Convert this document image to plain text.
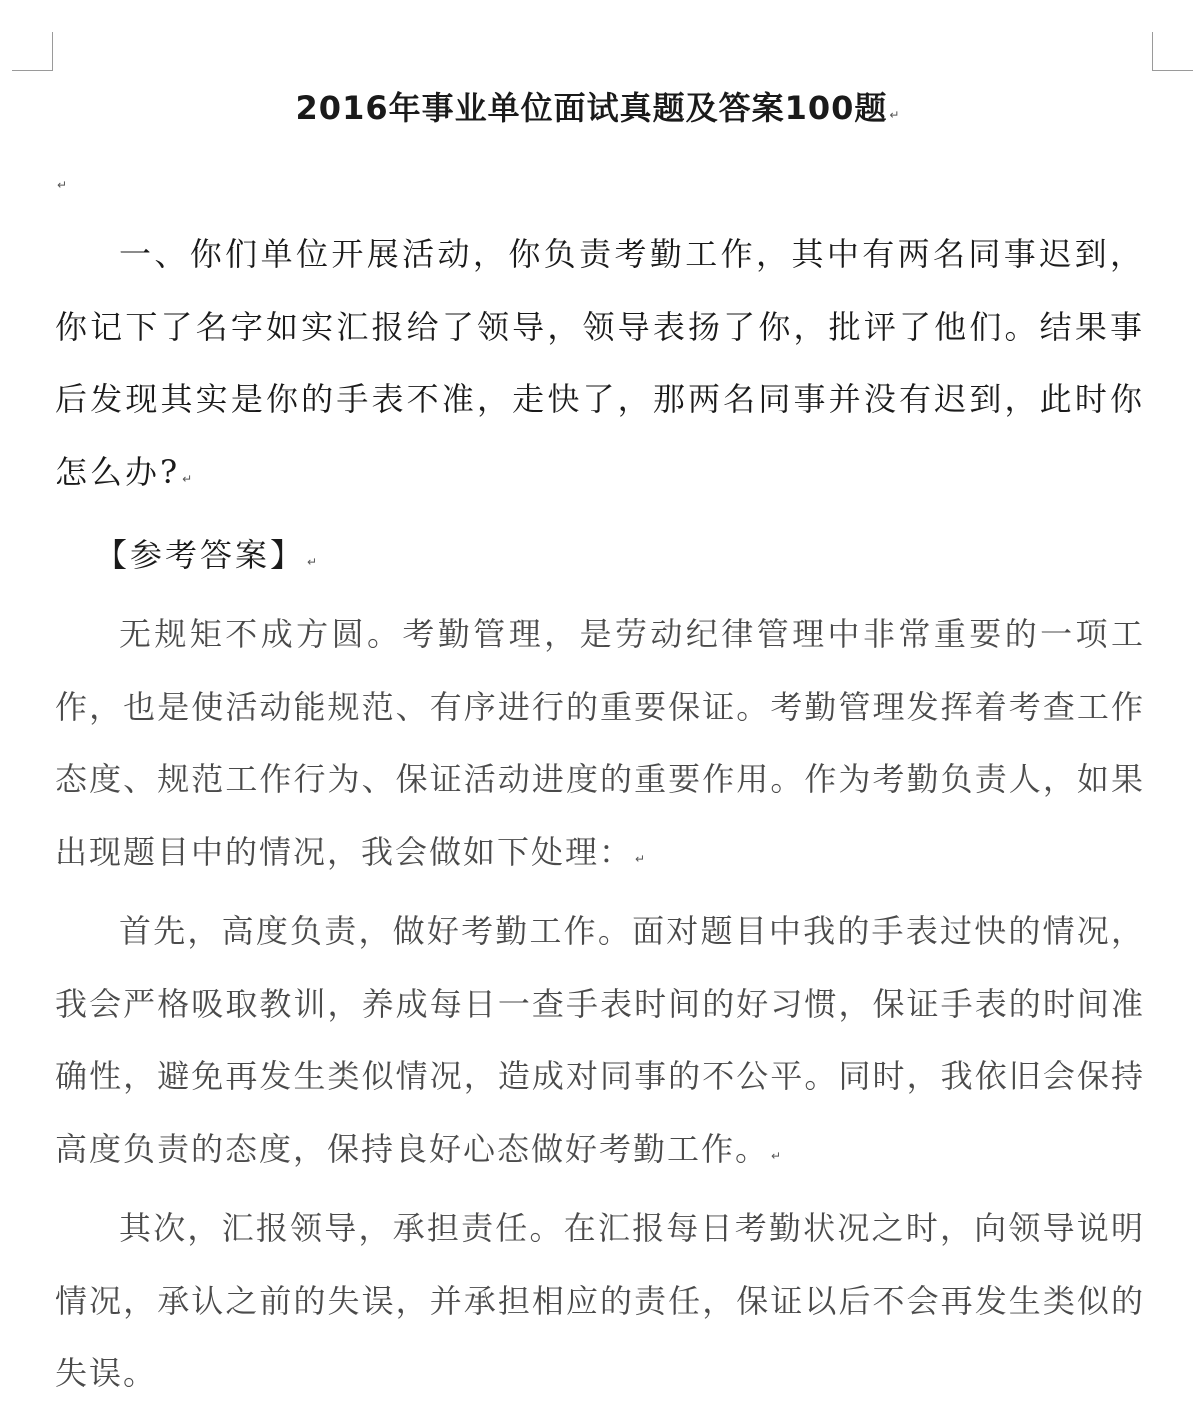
2016年事业单位面试真题及答案100题 ↵
↵

一、你们单位开展活动，你负责考勤工作，其中有两名同事迟到，你记下了名字如实汇报给了领导，领导表扬了你，批评了他们。结果事后发现其实是你的手表不准，走快了，那两名同事并没有迟到，此时你怎么办? ↵

【参考答案】 ↵

无规矩不成方圆。考勤管理，是劳动纪律管理中非常重要的一项工作，也是使活动能规范、有序进行的重要保证。考勤管理发挥着考查工作态度、规范工作行为、保证活动进度的重要作用。作为考勤负责人，如果出现题目中的情况，我会做如下处理： ↵

首先，高度负责，做好考勤工作。面对题目中我的手表过快的情况，我会严格吸取教训，养成每日一查手表时间的好习惯，保证手表的时间准确性，避免再发生类似情况，造成对同事的不公平。同时，我依旧会保持高度负责的态度，保持良好心态做好考勤工作。 ↵

其次，汇报领导，承担责任。在汇报每日考勤状况之时，向领导说明情况，承认之前的失误，并承担相应的责任，保证以后不会再发生类似的失误。
